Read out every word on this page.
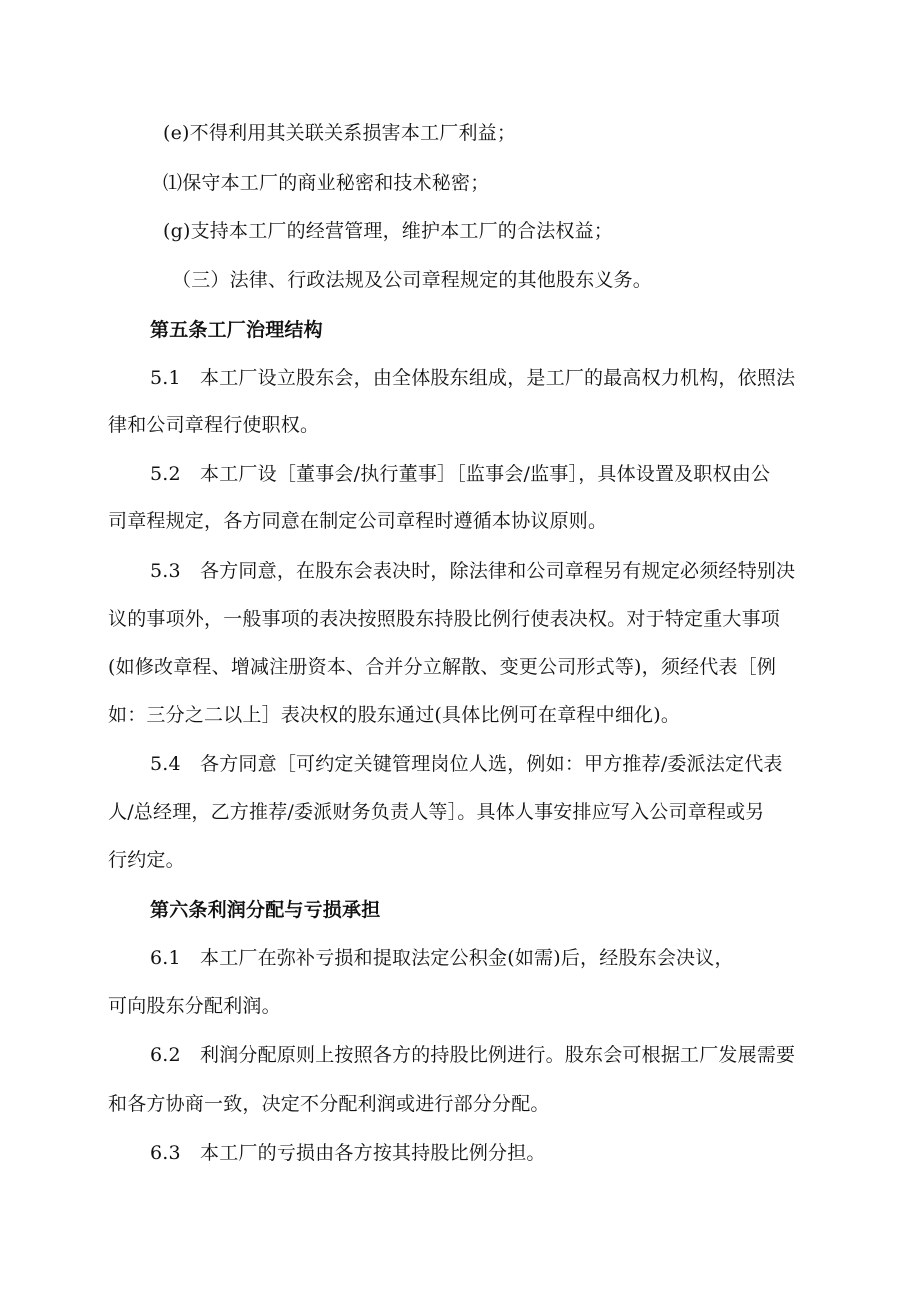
(e)不得利用其关联关系损害本工厂利益；
⑴保守本工厂的商业秘密和技术秘密；
(g)支持本工厂的经营管理，维护本工厂的合法权益；
（三）法律、行政法规及公司章程规定的其他股东义务。
第五条工厂治理结构
5.1　本工厂设立股东会，由全体股东组成，是工厂的最高权力机构，依照法
律和公司章程行使职权。
5.2　本工厂设［董事会/执行董事］［监事会/监事］，具体设置及职权由公
司章程规定，各方同意在制定公司章程时遵循本协议原则。
5.3　各方同意，在股东会表决时，除法律和公司章程另有规定必须经特别决
议的事项外，一般事项的表决按照股东持股比例行使表决权。对于特定重大事项
(如修改章程、增减注册资本、合并分立解散、变更公司形式等)，须经代表［例
如：三分之二以上］表决权的股东通过(具体比例可在章程中细化)。
5.4　各方同意［可约定关键管理岗位人选，例如：甲方推荐/委派法定代表
人/总经理，乙方推荐/委派财务负责人等］。具体人事安排应写入公司章程或另
行约定。
第六条利润分配与亏损承担
6.1　本工厂在弥补亏损和提取法定公积金(如需)后，经股东会决议，
可向股东分配利润。
6.2　利润分配原则上按照各方的持股比例进行。股东会可根据工厂发展需要
和各方协商一致，决定不分配利润或进行部分分配。
6.3　本工厂的亏损由各方按其持股比例分担。
